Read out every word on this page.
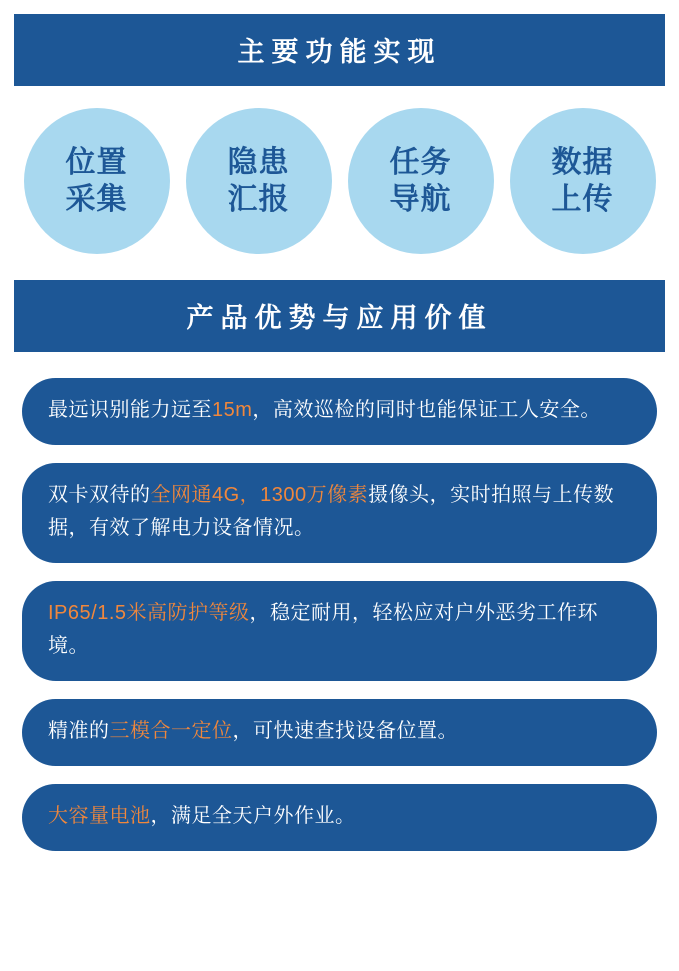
主要功能实现
位置
采集
隐患
汇报
任务
导航
数据
上传
产品优势与应用价值
最远识别能力远至15m，高效巡检的同时也能保证工人安全。
双卡双待的全网通4G，1300万像素摄像头，实时拍照与上传数据，有效了解电力设备情况。
IP65/1.5米高防护等级，稳定耐用，轻松应对户外恶劣工作环境。
精准的三模合一定位，可快速查找设备位置。
大容量电池，满足全天户外作业。
